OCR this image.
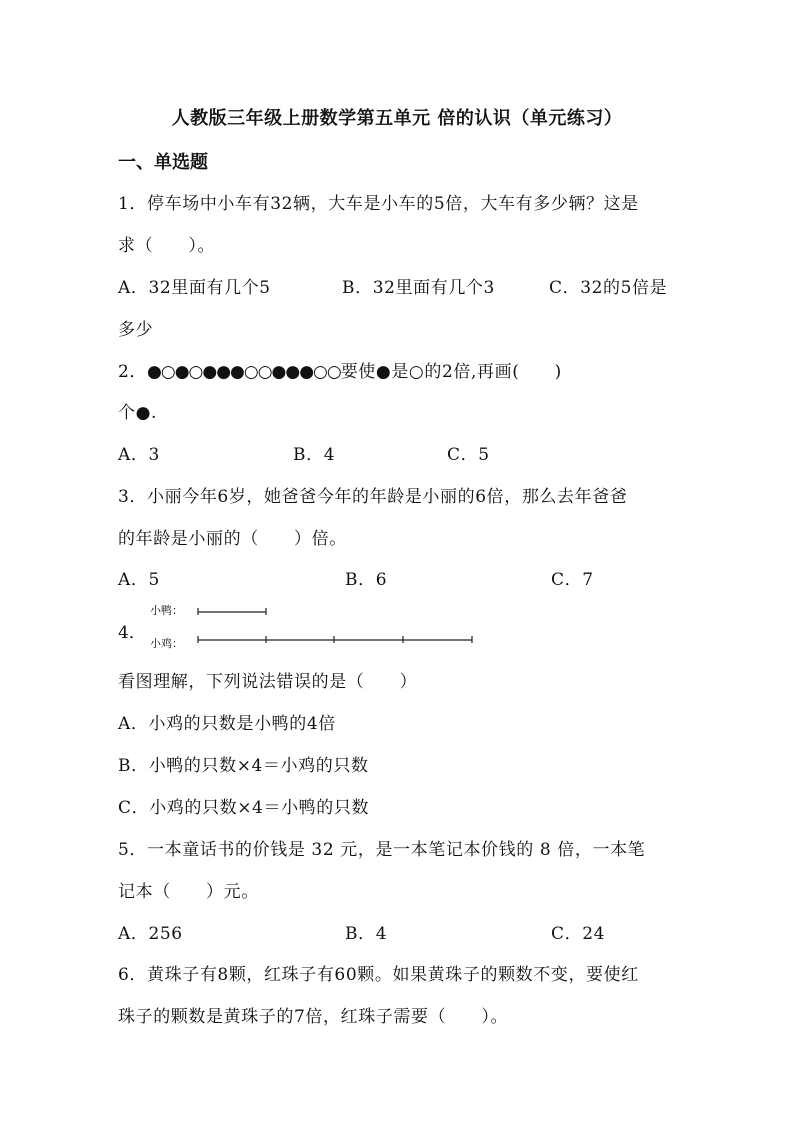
人教版三年级上册数学第五单元 倍的认识（单元练习）
一、单选题
1．停车场中小车有32辆，大车是小车的5倍，大车有多少辆？这是
求（　　）。
A．32里面有几个5	B．32里面有几个3	C．32的5倍是
多少
2．●○●○●●●○○●●●○○要使●是○的2倍,再画(　　)
个●.
A．3	B．4	C．5
3．小丽今年6岁，她爸爸今年的年龄是小丽的6倍，那么去年爸爸
的年龄是小丽的（　　）倍。
A．5	B．6	C．7
4．
小鸭：
小鸡：
看图理解，下列说法错误的是（　　）
A．小鸡的只数是小鸭的4倍
B．小鸭的只数×4＝小鸡的只数
C．小鸡的只数×4＝小鸭的只数
5．一本童话书的价钱是 32 元，是一本笔记本价钱的 8 倍，一本笔
记本（　　）元。
A．256	B．4	C．24
6．黄珠子有8颗，红珠子有60颗。如果黄珠子的颗数不变，要使红
珠子的颗数是黄珠子的7倍，红珠子需要（　　）。
